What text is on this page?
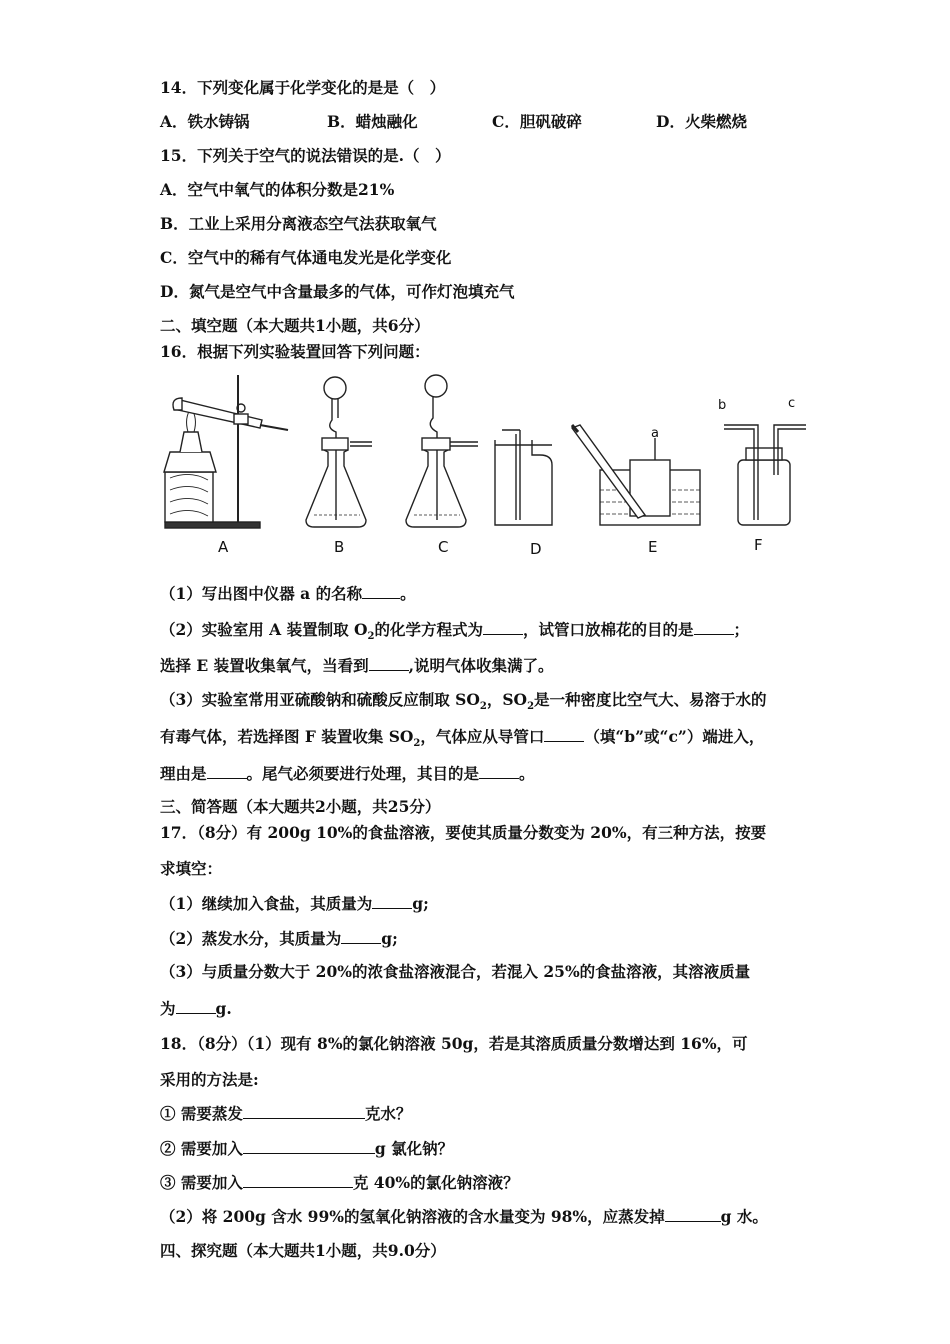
14．下列变化属于化学变化的是是（　）
A．铁水铸锅	B．蜡烛融化	C．胆矾破碎	D．火柴燃烧
15．下列关于空气的说法错误的是.（　）
A．空气中氧气的体积分数是21%
B．工业上采用分离液态空气法获取氧气
C．空气中的稀有气体通电发光是化学变化
D．氮气是空气中含量最多的气体，可作灯泡填充气
二、填空题（本大题共1小题，共6分）
16．根据下列实验装置回答下列问题：
A	B	C	D	E	F
a
b	c
（1）写出图中仪器 a 的名称 。
（2）实验室用 A 装置制取 $O_2$的化学方程式为	，试管口放棉花的目的是	；
选择 E 装置收集氧气，当看到	,说明气体收集满了。
（3）实验室常用亚硫酸钠和硫酸反应制取 $SO_2$，$SO_2$是一种密度比空气大、易溶于水的
有毒气体，若选择图 F 装置收集 $SO_2$，气体应从导管口	（填“b”或“c”）端进入，
理由是	。尾气必须要进行处理，其目的是	。
三、简答题（本大题共2小题，共25分）
17．（8分）有 200g 10%的食盐溶液，要使其质量分数变为 20%，有三种方法，按要
求填空：
（1）继续加入食盐，其质量为	g;
（2）蒸发水分，其质量为	g;
（3）与质量分数大于 20%的浓食盐溶液混合，若混入 25%的食盐溶液，其溶液质量
为	g.
18．（8分）（1）现有 8%的氯化钠溶液 50g，若是其溶质质量分数增达到 16%，可
采用的方法是:
① 需要蒸发	克水？
② 需要加入	g 氯化钠？
③ 需要加入	克 40%的氯化钠溶液？
（2）将 200g 含水 99%的氢氧化钠溶液的含水量变为 98%，应蒸发掉	g 水。
四、探究题（本大题共1小题，共9.0分）
